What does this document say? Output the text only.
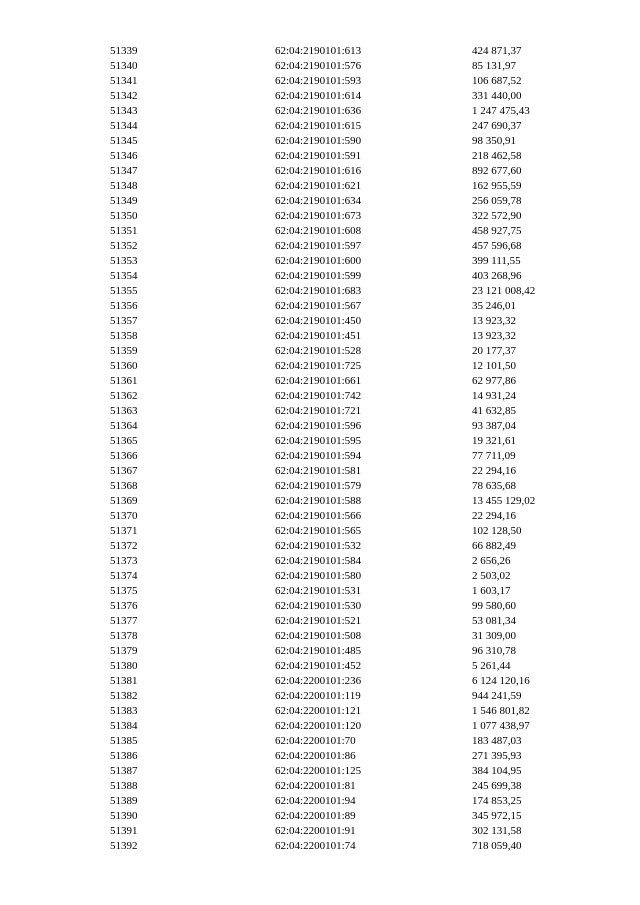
51339	62:04:2190101:613	424 871,37
51340	62:04:2190101:576	85 131,97
51341	62:04:2190101:593	106 687,52
51342	62:04:2190101:614	331 440,00
51343	62:04:2190101:636	1 247 475,43
51344	62:04:2190101:615	247 690,37
51345	62:04:2190101:590	98 350,91
51346	62:04:2190101:591	218 462,58
51347	62:04:2190101:616	892 677,60
51348	62:04:2190101:621	162 955,59
51349	62:04:2190101:634	256 059,78
51350	62:04:2190101:673	322 572,90
51351	62:04:2190101:608	458 927,75
51352	62:04:2190101:597	457 596,68
51353	62:04:2190101:600	399 111,55
51354	62:04:2190101:599	403 268,96
51355	62:04:2190101:683	23 121 008,42
51356	62:04:2190101:567	35 246,01
51357	62:04:2190101:450	13 923,32
51358	62:04:2190101:451	13 923,32
51359	62:04:2190101:528	20 177,37
51360	62:04:2190101:725	12 101,50
51361	62:04:2190101:661	62 977,86
51362	62:04:2190101:742	14 931,24
51363	62:04:2190101:721	41 632,85
51364	62:04:2190101:596	93 387,04
51365	62:04:2190101:595	19 321,61
51366	62:04:2190101:594	77 711,09
51367	62:04:2190101:581	22 294,16
51368	62:04:2190101:579	78 635,68
51369	62:04:2190101:588	13 455 129,02
51370	62:04:2190101:566	22 294,16
51371	62:04:2190101:565	102 128,50
51372	62:04:2190101:532	66 882,49
51373	62:04:2190101:584	2 656,26
51374	62:04:2190101:580	2 503,02
51375	62:04:2190101:531	1 603,17
51376	62:04:2190101:530	99 580,60
51377	62:04:2190101:521	53 081,34
51378	62:04:2190101:508	31 309,00
51379	62:04:2190101:485	96 310,78
51380	62:04:2190101:452	5 261,44
51381	62:04:2200101:236	6 124 120,16
51382	62:04:2200101:119	944 241,59
51383	62:04:2200101:121	1 546 801,82
51384	62:04:2200101:120	1 077 438,97
51385	62:04:2200101:70	183 487,03
51386	62:04:2200101:86	271 395,93
51387	62:04:2200101:125	384 104,95
51388	62:04:2200101:81	245 699,38
51389	62:04:2200101:94	174 853,25
51390	62:04:2200101:89	345 972,15
51391	62:04:2200101:91	302 131,58
51392	62:04:2200101:74	718 059,40
